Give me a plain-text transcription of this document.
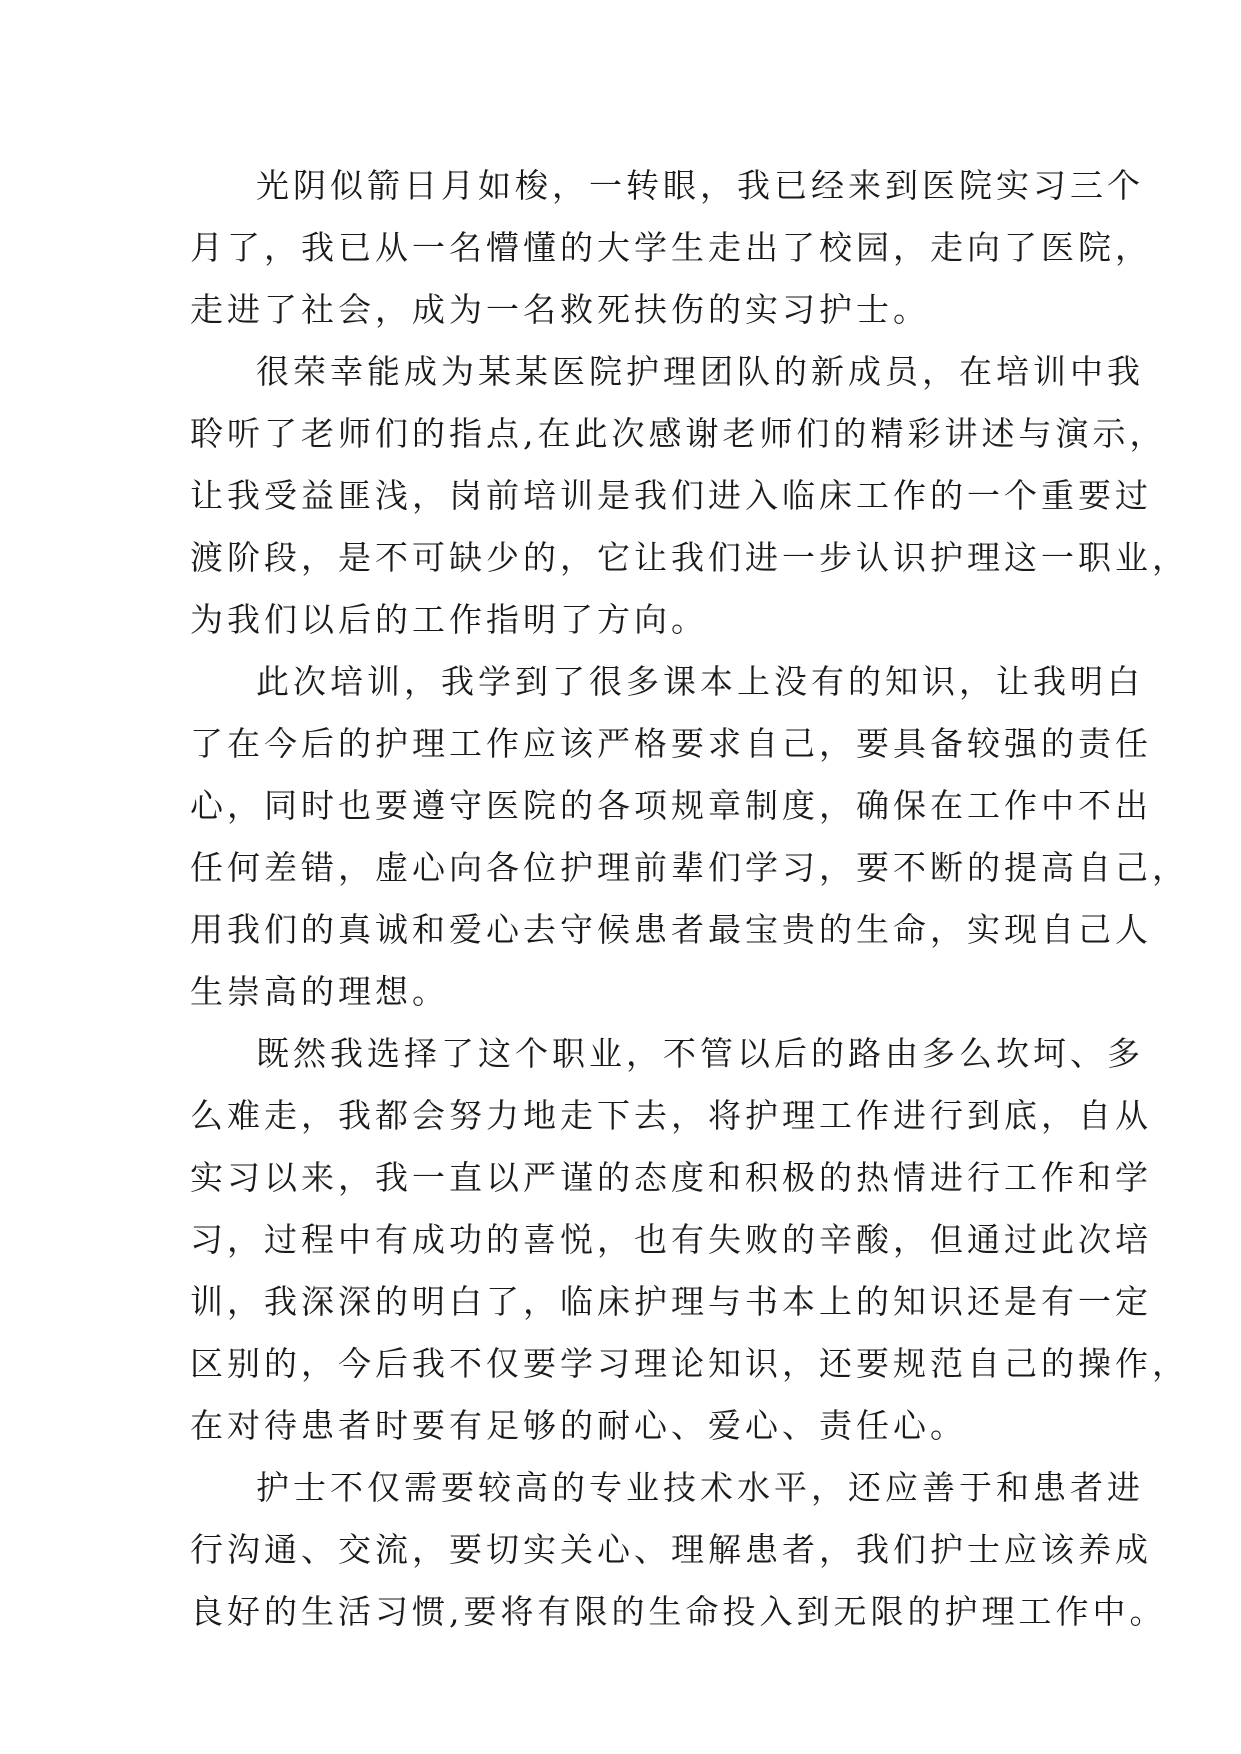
光阴似箭日月如梭，一转眼，我已经来到医院实习三个
月了，我已从一名懵懂的大学生走出了校园，走向了医院，
走进了社会，成为一名救死扶伤的实习护士。
很荣幸能成为某某医院护理团队的新成员，在培训中我
聆听了老师们的指点,在此次感谢老师们的精彩讲述与演示，
让我受益匪浅，岗前培训是我们进入临床工作的一个重要过
渡阶段，是不可缺少的，它让我们进一步认识护理这一职业，
为我们以后的工作指明了方向。
此次培训，我学到了很多课本上没有的知识，让我明白
了在今后的护理工作应该严格要求自己，要具备较强的责任
心，同时也要遵守医院的各项规章制度，确保在工作中不出
任何差错，虚心向各位护理前辈们学习，要不断的提高自己，
用我们的真诚和爱心去守候患者最宝贵的生命，实现自己人
生崇高的理想。
既然我选择了这个职业，不管以后的路由多么坎坷、多
么难走，我都会努力地走下去，将护理工作进行到底，自从
实习以来，我一直以严谨的态度和积极的热情进行工作和学
习，过程中有成功的喜悦，也有失败的辛酸，但通过此次培
训，我深深的明白了，临床护理与书本上的知识还是有一定
区别的，今后我不仅要学习理论知识，还要规范自己的操作，
在对待患者时要有足够的耐心、爱心、责任心。
护士不仅需要较高的专业技术水平，还应善于和患者进
行沟通、交流，要切实关心、理解患者，我们护士应该养成
良好的生活习惯,要将有限的生命投入到无限的护理工作中。
